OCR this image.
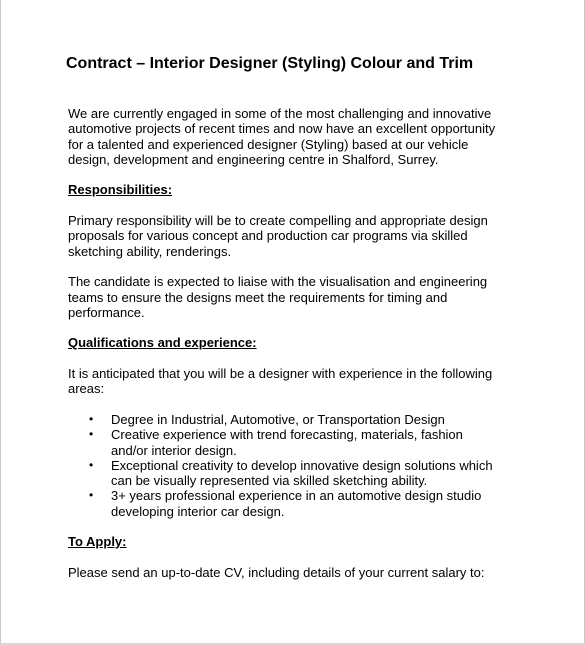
Contract – Interior Designer (Styling) Colour and Trim
We are currently engaged in some of the most challenging and innovative
automotive projects of recent times and now have an excellent opportunity
for a talented and experienced designer (Styling) based at our vehicle
design, development and engineering centre in Shalford, Surrey.
Responsibilities:
Primary responsibility will be to create compelling and appropriate design
proposals for various concept and production car programs via skilled
sketching ability, renderings.
The candidate is expected to liaise with the visualisation and engineering
teams to ensure the designs meet the requirements for timing and
performance.
Qualifications and experience:
It is anticipated that you will be a designer with experience in the following
areas:
• Degree in Industrial, Automotive, or Transportation Design
• Creative experience with trend forecasting, materials, fashion
and/or interior design.
• Exceptional creativity to develop innovative design solutions which
can be visually represented via skilled sketching ability.
• 3+ years professional experience in an automotive design studio
developing interior car design.
To Apply:
Please send an up-to-date CV, including details of your current salary to:
